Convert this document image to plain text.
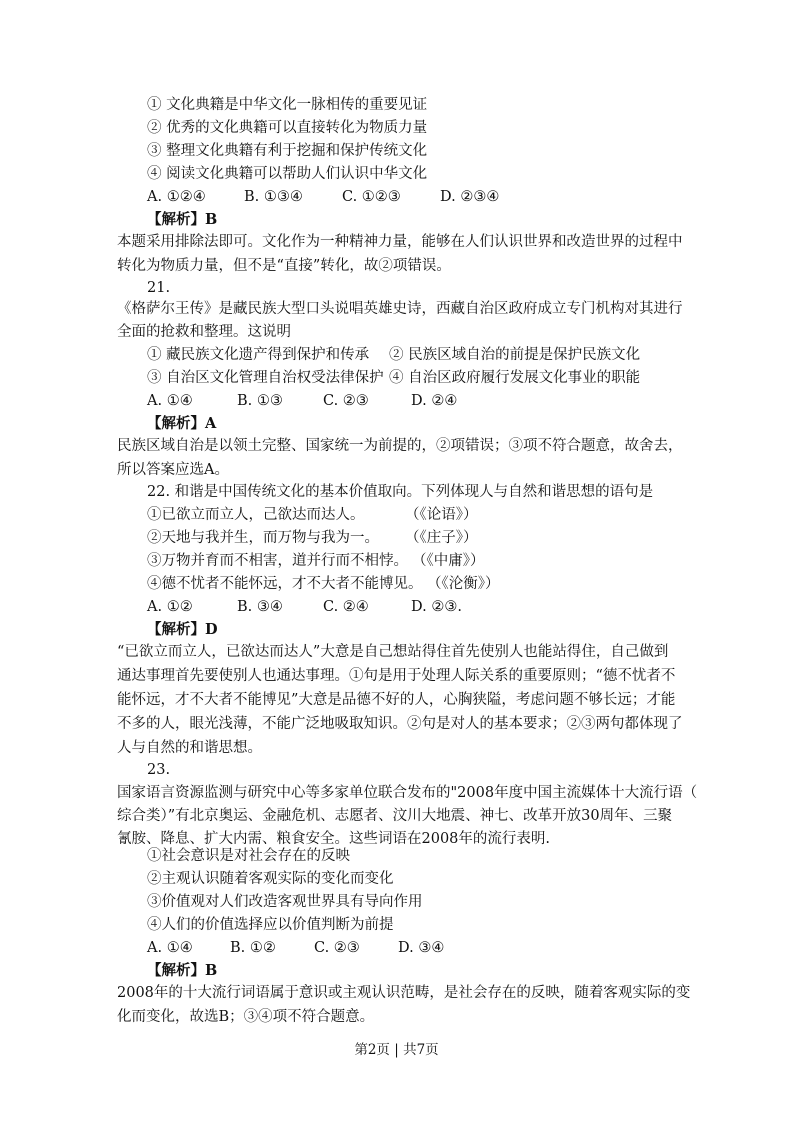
① 文化典籍是中华文化一脉相传的重要见证
② 优秀的文化典籍可以直接转化为物质力量
③ 整理文化典籍有利于挖掘和保护传统文化
④ 阅读文化典籍可以帮助人们认识中华文化
A. ①②④	B. ①③④	C. ①②③	D. ②③④
【解析】B
本题采用排除法即可。文化作为一种精神力量，能够在人们认识世界和改造世界的过程中
转化为物质力量，但不是“直接”转化，故②项错误。
21.
《格萨尔王传》是藏民族大型口头说唱英雄史诗，西藏自治区政府成立专门机构对其进行
全面的抢救和整理。这说明
① 藏民族文化遗产得到保护和传承 ② 民族区域自治的前提是保护民族文化
③ 自治区文化管理自治权受法律保护 ④ 自治区政府履行发展文化事业的职能
A. ①④	B. ①③	C. ②③	D. ②④
【解析】A
民族区域自治是以领土完整、国家统一为前提的，②项错误；③项不符合题意，故舍去，
所以答案应选A。
22. 和谐是中国传统文化的基本价值取向。下列体现人与自然和谐思想的语句是
①已欲立而立人，己欲达而达人。	（《论语》）
②天地与我并生，而万物与我为一。 （《庄子》）
③万物并育而不相害，道并行而不相悖。 （《中庸》）
④德不忧者不能怀远，才不大者不能博见。 （《沦衡》）
A. ①②	B. ③④	C. ②④	D. ②③.
【解析】D
“已欲立而立人，已欲达而达人”大意是自己想站得住首先使别人也能站得住，自己做到
通达事理首先要使别人也通达事理。①句是用于处理人际关系的重要原则；“德不忧者不
能怀远，才不大者不能博见”大意是品德不好的人，心胸狭隘，考虑问题不够长远；才能
不多的人，眼光浅薄，不能广泛地吸取知识。②句是对人的基本要求；②③两句都体现了
人与自然的和谐思想。
23.
国家语言资源监测与研究中心等多家单位联合发布的"2008年度中国主流媒体十大流行语（
综合类）”有北京奥运、金融危机、志愿者、汶川大地震、神七、改革开放30周年、三聚
氰胺、降息、扩大内需、粮食安全。这些词语在2008年的流行表明.
①社会意识是对社会存在的反映
②主观认识随着客观实际的变化而变化
③价值观对人们改造客观世界具有导向作用
④人们的价值选择应以价值判断为前提
A. ①④	B. ①②	C. ②③	D. ③④
【解析】B
2008年的十大流行词语属于意识或主观认识范畴，是社会存在的反映，随着客观实际的变
化而变化，故选B；③④项不符合题意。
第2页 | 共7页
